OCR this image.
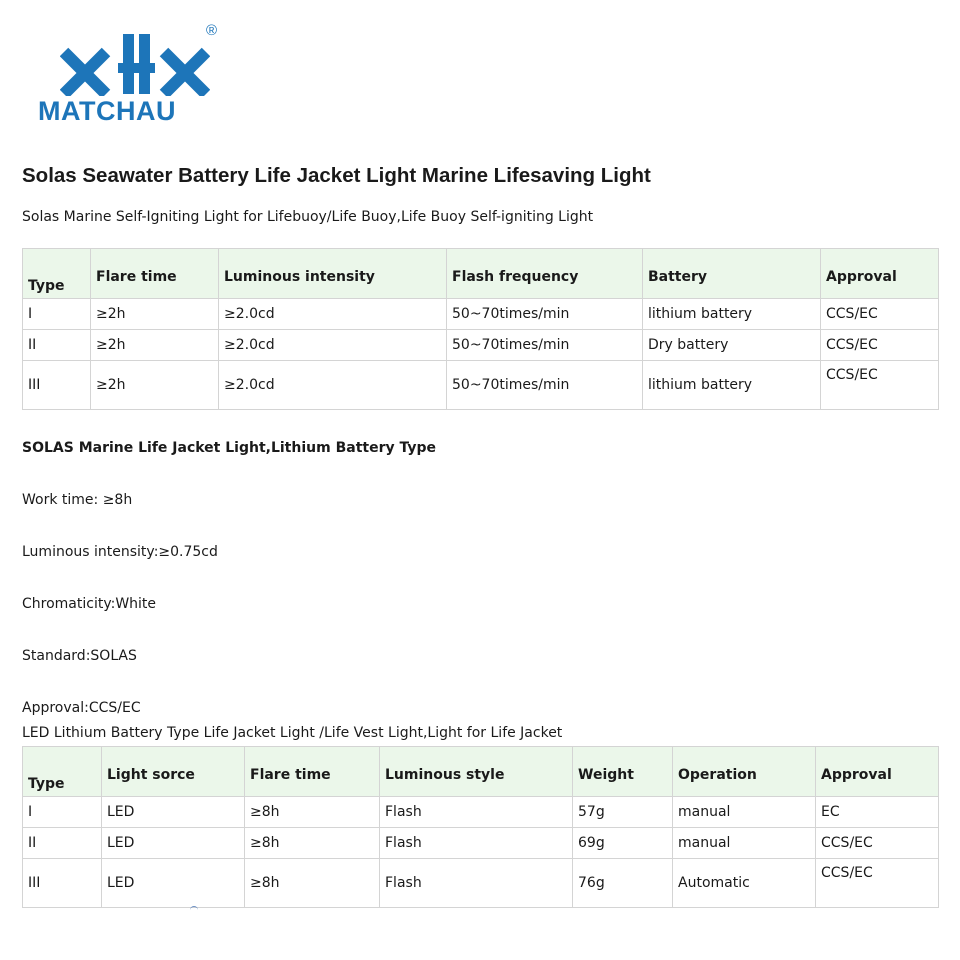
®
MATCHAU
Solas Seawater Battery Life Jacket Light Marine Lifesaving Light

Solas Marine Self-Igniting Light for Lifebuoy/Life Buoy,Life Buoy Self-igniting Light

Type	Flare time	Luminous intensity	Flash frequency	Battery	Approval
I	≥2h	≥2.0cd	50~70times/min	lithium battery	CCS/EC
II	≥2h	≥2.0cd	50~70times/min	Dry battery	CCS/EC
III	≥2h	≥2.0cd	50~70times/min	lithium battery	CCS/EC

SOLAS Marine Life Jacket Light,Lithium Battery Type

Work time: ≥8h

Luminous intensity:≥0.75cd

Chromaticity:White

Standard:SOLAS

Approval:CCS/EC

LED Lithium Battery Type Life Jacket Light /Life Vest Light,Light for Life Jacket

Type	Light sorce	Flare time	Luminous style	Weight	Operation	Approval
I	LED	≥8h	Flash	57g	manual	EC
II	LED	≥8h	Flash	69g	manual	CCS/EC
III	LED	≥8h	Flash	76g	Automatic	CCS/EC
